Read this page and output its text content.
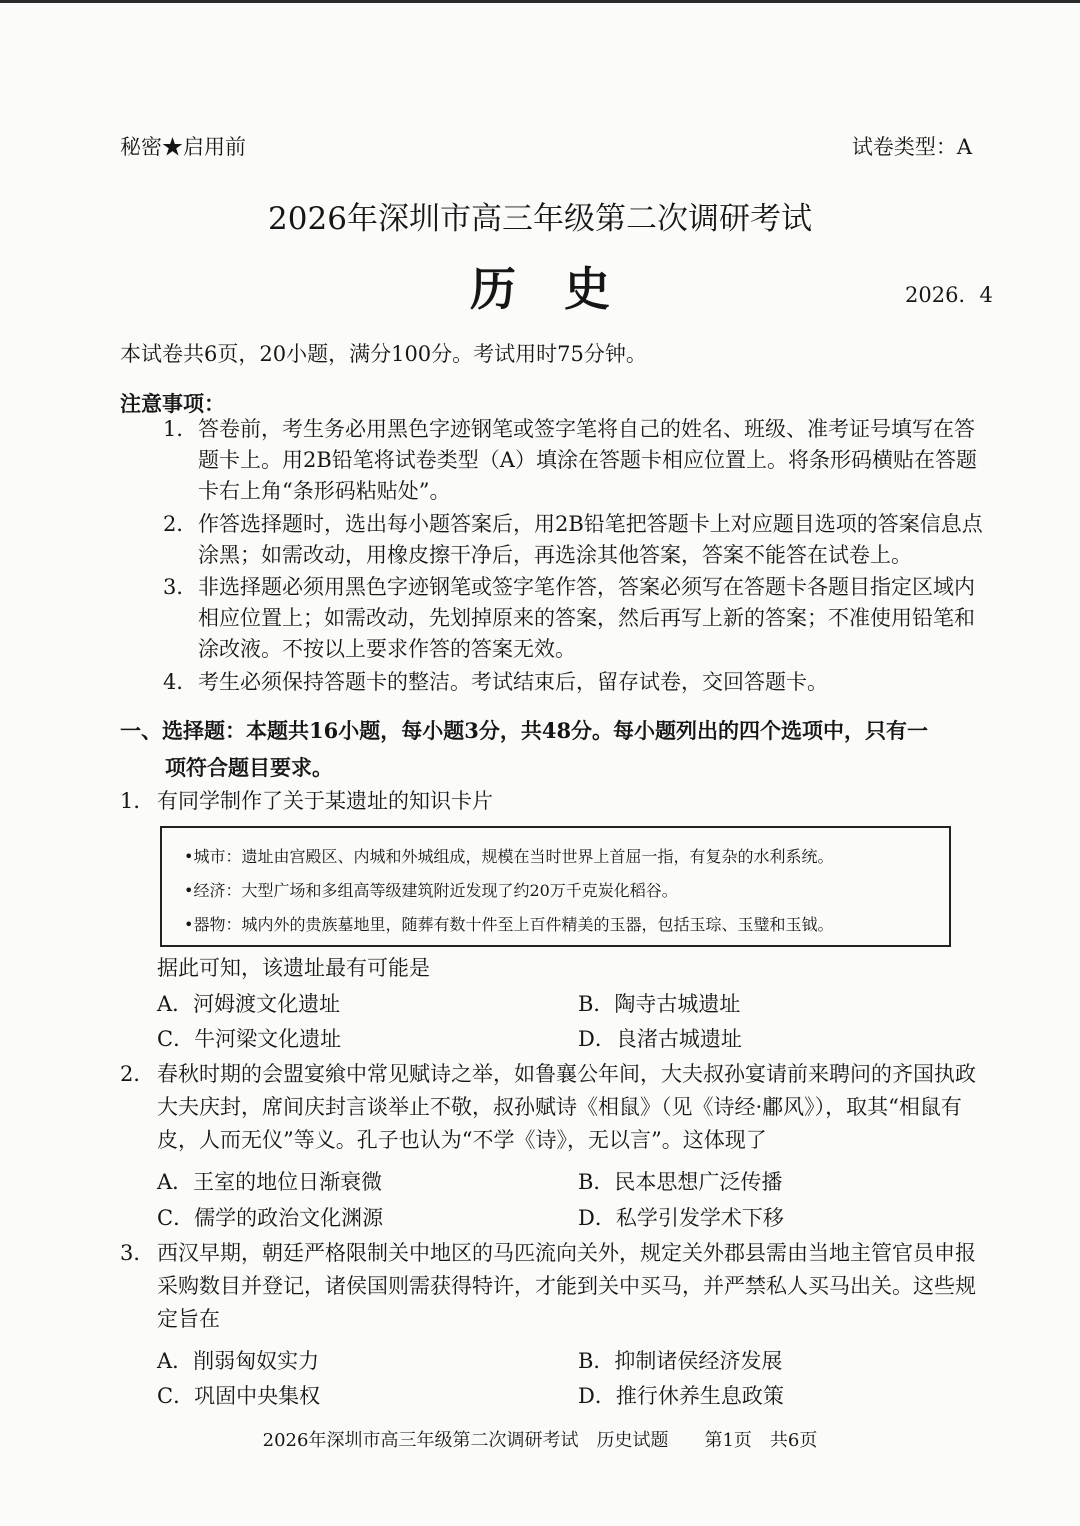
秘密★启用前	试卷类型：A
2026年深圳市高三年级第二次调研考试
历史	2026．4
本试卷共6页，20小题，满分100分。考试用时75分钟。
注意事项：
1． 答卷前，考生务必用黑色字迹钢笔或签字笔将自己的姓名、班级、准考证号填写在答题卡上。用2B铅笔将试卷类型（A）填涂在答题卡相应位置上。将条形码横贴在答题卡右上角“条形码粘贴处”。
2． 作答选择题时，选出每小题答案后，用2B铅笔把答题卡上对应题目选项的答案信息点涂黑；如需改动，用橡皮擦干净后，再选涂其他答案，答案不能答在试卷上。
3． 非选择题必须用黑色字迹钢笔或签字笔作答，答案必须写在答题卡各题目指定区域内相应位置上；如需改动，先划掉原来的答案，然后再写上新的答案；不准使用铅笔和涂改液。不按以上要求作答的答案无效。
4． 考生必须保持答题卡的整洁。考试结束后，留存试卷，交回答题卡。
一、选择题：本题共16小题，每小题3分，共48分。每小题列出的四个选项中，只有一
项符合题目要求。
1． 有同学制作了关于某遗址的知识卡片
•城市：遗址由宫殿区、内城和外城组成，规模在当时世界上首屈一指，有复杂的水利系统。
•经济：大型广场和多组高等级建筑附近发现了约20万千克炭化稻谷。
•器物：城内外的贵族墓地里，随葬有数十件至上百件精美的玉器，包括玉琮、玉璧和玉钺。
据此可知，该遗址最有可能是
A．河姆渡文化遗址	B．陶寺古城遗址
C．牛河梁文化遗址	D．良渚古城遗址
2． 春秋时期的会盟宴飨中常见赋诗之举，如鲁襄公年间，大夫叔孙宴请前来聘问的齐国执政大夫庆封，席间庆封言谈举止不敬，叔孙赋诗《相鼠》（见《诗经·鄘风》），取其“相鼠有皮，人而无仪”等义。孔子也认为“不学《诗》，无以言”。这体现了
A．王室的地位日渐衰微	B．民本思想广泛传播
C．儒学的政治文化渊源	D．私学引发学术下移
3． 西汉早期，朝廷严格限制关中地区的马匹流向关外，规定关外郡县需由当地主管官员申报采购数目并登记，诸侯国则需获得特许，才能到关中买马，并严禁私人买马出关。这些规定旨在
A．削弱匈奴实力	B．抑制诸侯经济发展
C．巩固中央集权	D．推行休养生息政策
2026年深圳市高三年级第二次调研考试　历史试题　　第1页　共6页
